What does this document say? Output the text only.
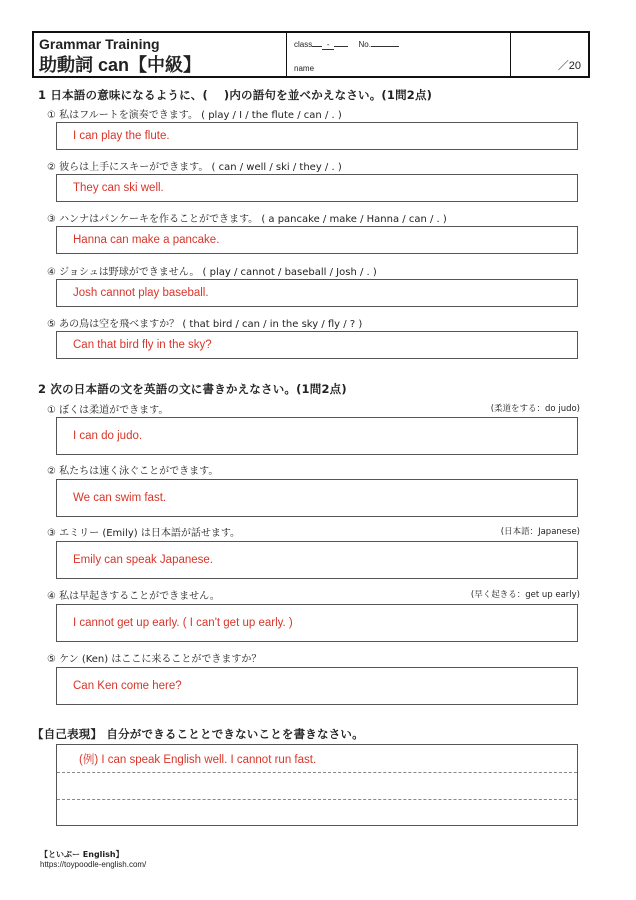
Grammar Training
助動詞 can【中級】
class -	No.
name	／20
1 日本語の意味になるように、(　 )内の語句を並べかえなさい。(1問2点)
① 私はフルートを演奏できます。 ( play / I / the flute / can / . )
I can play the flute.
② 彼らは上手にスキーができます。 ( can / well / ski / they / . )
They can ski well.
③ ハンナはパンケーキを作ることができます。 ( a pancake / make / Hanna / can / . )
Hanna can make a pancake.
④ ジョシュは野球ができません。 ( play / cannot / baseball / Josh / . )
Josh cannot play baseball.
⑤ あの鳥は空を飛べますか？ ( that bird / can / in the sky / fly / ? )
Can that bird fly in the sky?
2 次の日本語の文を英語の文に書きかえなさい。(1問2点)
① ぼくは柔道ができます。	(柔道をする：do judo)
I can do judo.
② 私たちは速く泳ぐことができます。
We can swim fast.
③ エミリー (Emily) は日本語が話せます。	(日本語：Japanese)
Emily can speak Japanese.
④ 私は早起きすることができません。	(早く起きる：get up early)
I cannot get up early. ( I can't get up early. )
⑤ ケン (Ken) はここに来ることができますか？
Can Ken come here?
【自己表現】 自分ができることとできないことを書きなさい。
(例) I can speak English well. I cannot run fast.
【といぷー English】
https://toypoodle-english.com/
